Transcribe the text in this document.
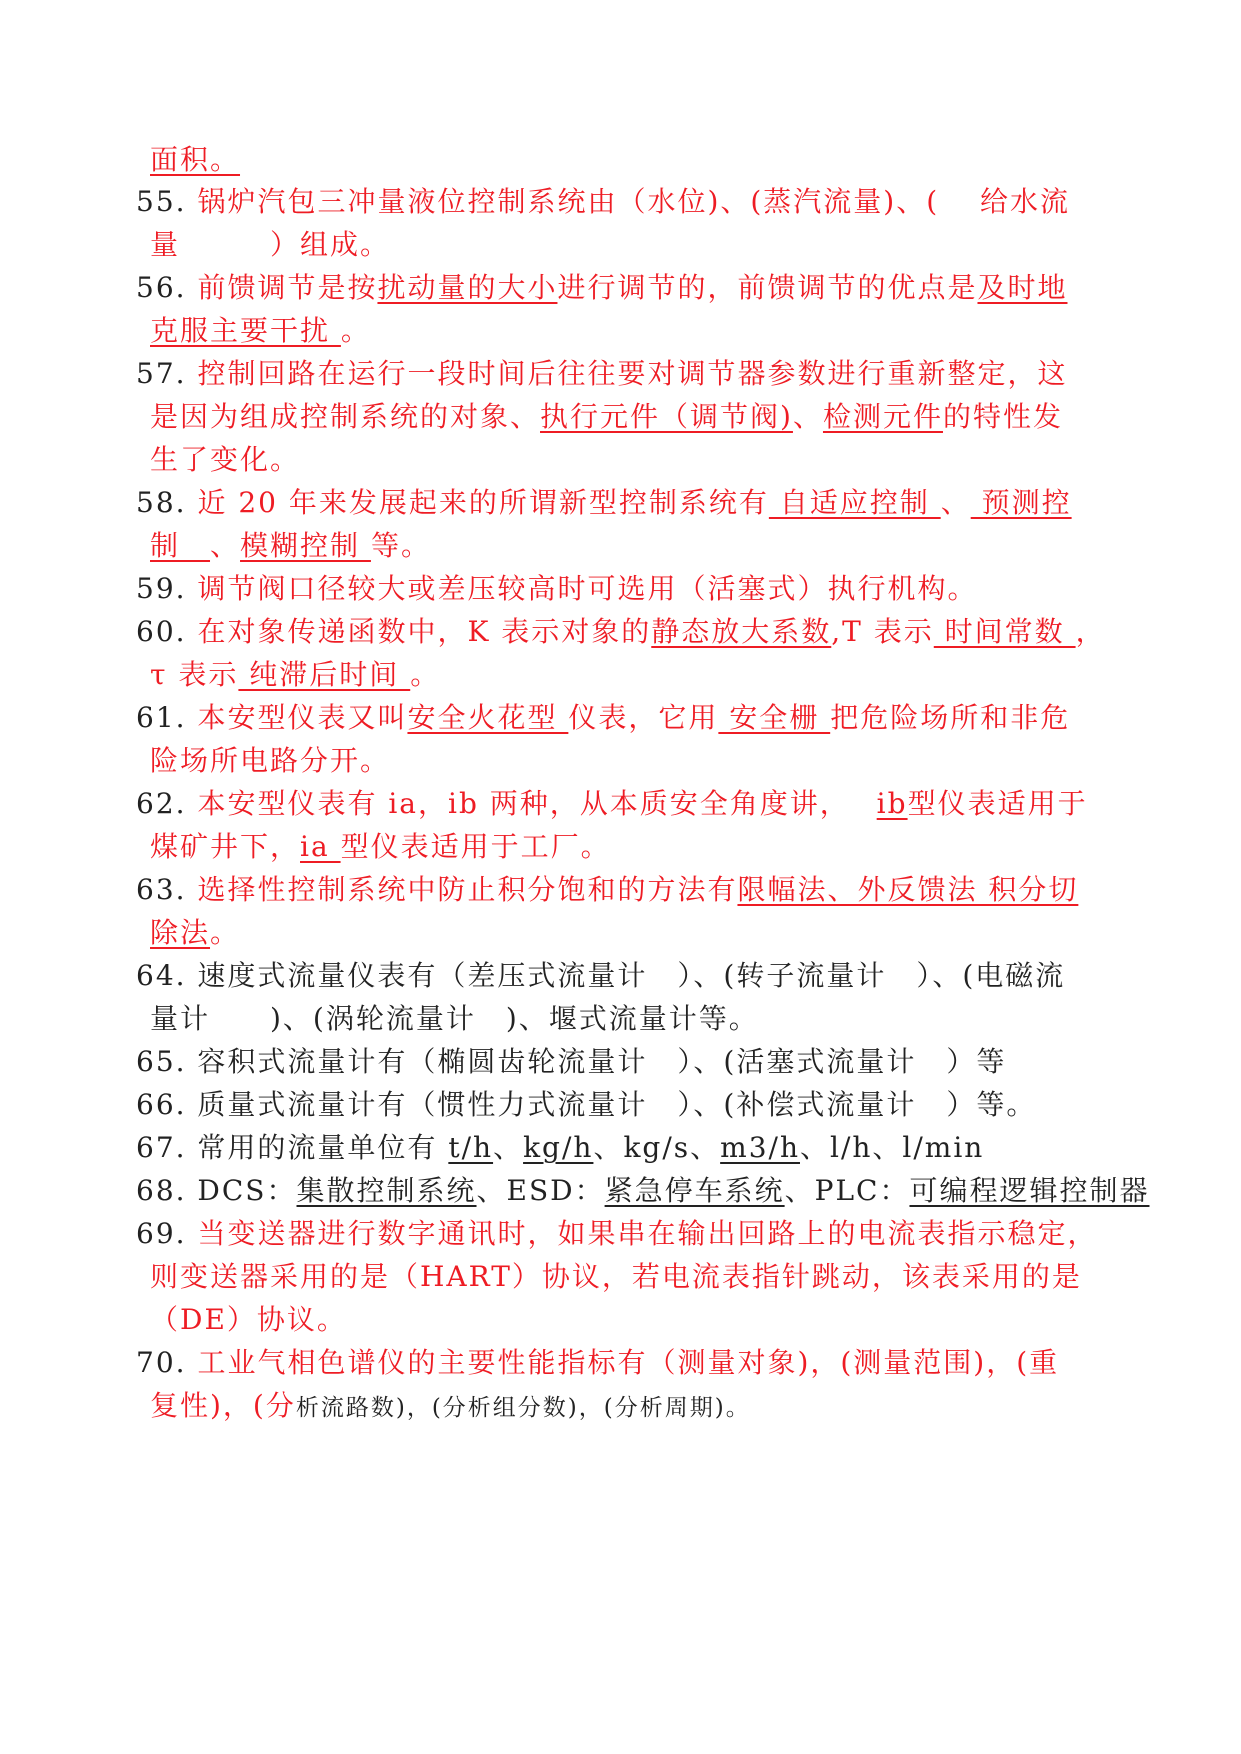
面积。
55. 锅炉汽包三冲量液位控制系统由（水位)、(蒸汽流量)、(　 给水流
量　　　）组成。
56. 前馈调节是按扰动量的大小进行调节的，前馈调节的优点是及时地
克服主要干扰 。
57. 控制回路在运行一段时间后往往要对调节器参数进行重新整定，这
是因为组成控制系统的对象、执行元件（调节阀)、检测元件的特性发
生了变化。
58. 近 20 年来发展起来的所谓新型控制系统有 自适应控制 、 预测控
制　、模糊控制 等。
59. 调节阀口径较大或差压较高时可选用（活塞式）执行机构。
60. 在对象传递函数中，K 表示对象的静态放大系数,T 表示 时间常数 ，
τ 表示 纯滞后时间 。
61. 本安型仪表又叫安全火花型 仪表，它用 安全栅 把危险场所和非危
险场所电路分开。
62. 本安型仪表有 ia，ib 两种，从本质安全角度讲，　 ib型仪表适用于
煤矿井下，ia 型仪表适用于工厂。
63. 选择性控制系统中防止积分饱和的方法有限幅法、外反馈法 积分切
除法。
64. 速度式流量仪表有（差压式流量计　）、(转子流量计　）、(电磁流
量计　　)、(涡轮流量计　)、堰式流量计等。
65. 容积式流量计有（椭圆齿轮流量计　）、(活塞式流量计　）等
66. 质量式流量计有（惯性力式流量计　）、(补偿式流量计　）等。
67. 常用的流量单位有 t/h、kg/h、kg/s、m3/h、l/h、l/min
68. DCS：集散控制系统、ESD：紧急停车系统、PLC：可编程逻辑控制器
69. 当变送器进行数字通讯时，如果串在输出回路上的电流表指示稳定，
则变送器采用的是（HART）协议，若电流表指针跳动，该表采用的是
（DE）协议。
70. 工业气相色谱仪的主要性能指标有（测量对象)，(测量范围)，(重
复性)，(分析流路数)，(分析组分数)，(分析周期)。
